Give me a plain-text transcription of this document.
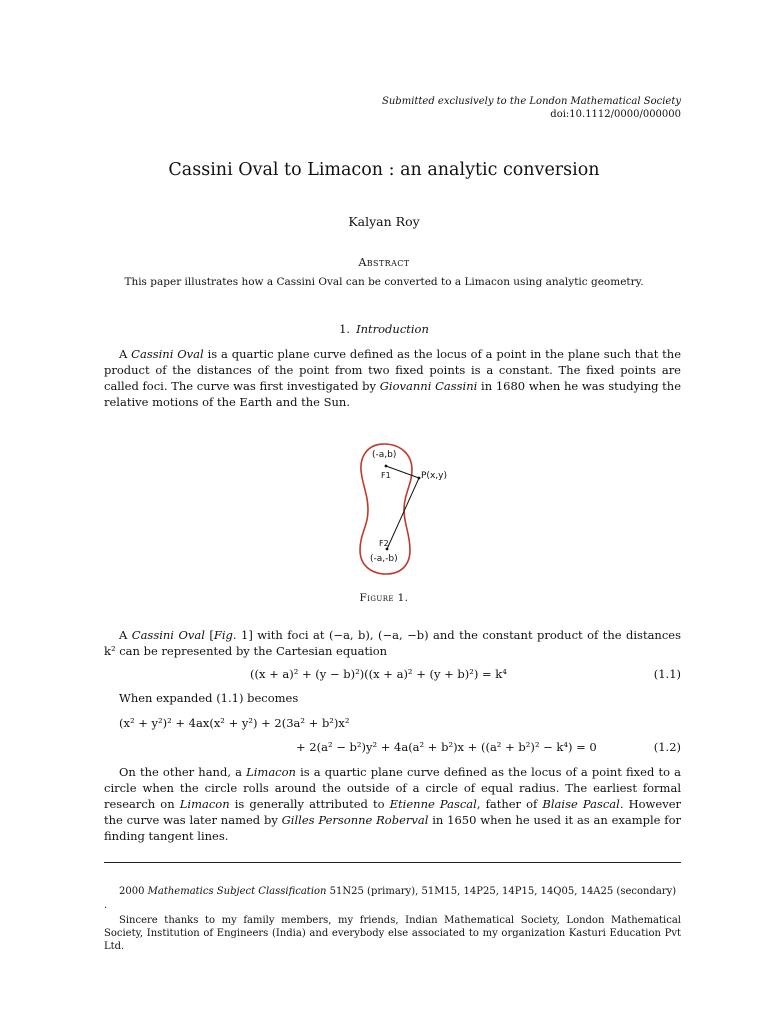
Submitted exclusively to the London Mathematical Society
doi:10.1112/0000/000000
Cassini Oval to Limacon : an analytic conversion
Kalyan Roy
Abstract
This paper illustrates how a Cassini Oval can be converted to a Limacon using analytic geometry.
1. Introduction
A Cassini Oval is a quartic plane curve defined as the locus of a point in the plane such that the product of the distances of the point from two fixed points is a constant. The fixed points are called foci. The curve was first investigated by Giovanni Cassini in 1680 when he was studying the relative motions of the Earth and the Sun.
(-a,b)
F1	P(x,y)
F2
(-a,-b)
Figure 1.
A Cassini Oval [Fig. 1] with foci at (−a, b), (−a, −b) and the constant product of the distances k² can be represented by the Cartesian equation
((x + a)² + (y − b)²)((x + a)² + (y + b)²) = k⁴	(1.1)
When expanded (1.1) becomes
(x² + y²)² + 4ax(x² + y²) + 2(3a² + b²)x²
+ 2(a² − b²)y² + 4a(a² + b²)x + ((a² + b²)² − k⁴) = 0	(1.2)
On the other hand, a Limacon is a quartic plane curve defined as the locus of a point fixed to a circle when the circle rolls around the outside of a circle of equal radius. The earliest formal research on Limacon is generally attributed to Etienne Pascal, father of Blaise Pascal. However the curve was later named by Gilles Personne Roberval in 1650 when he used it as an example for finding tangent lines.
2000 Mathematics Subject Classification 51N25 (primary), 51M15, 14P25, 14P15, 14Q05, 14A25 (secondary)
.
Sincere thanks to my family members, my friends, Indian Mathematical Society, London Mathematical Society, Institution of Engineers (India) and everybody else associated to my organization Kasturi Education Pvt Ltd.
